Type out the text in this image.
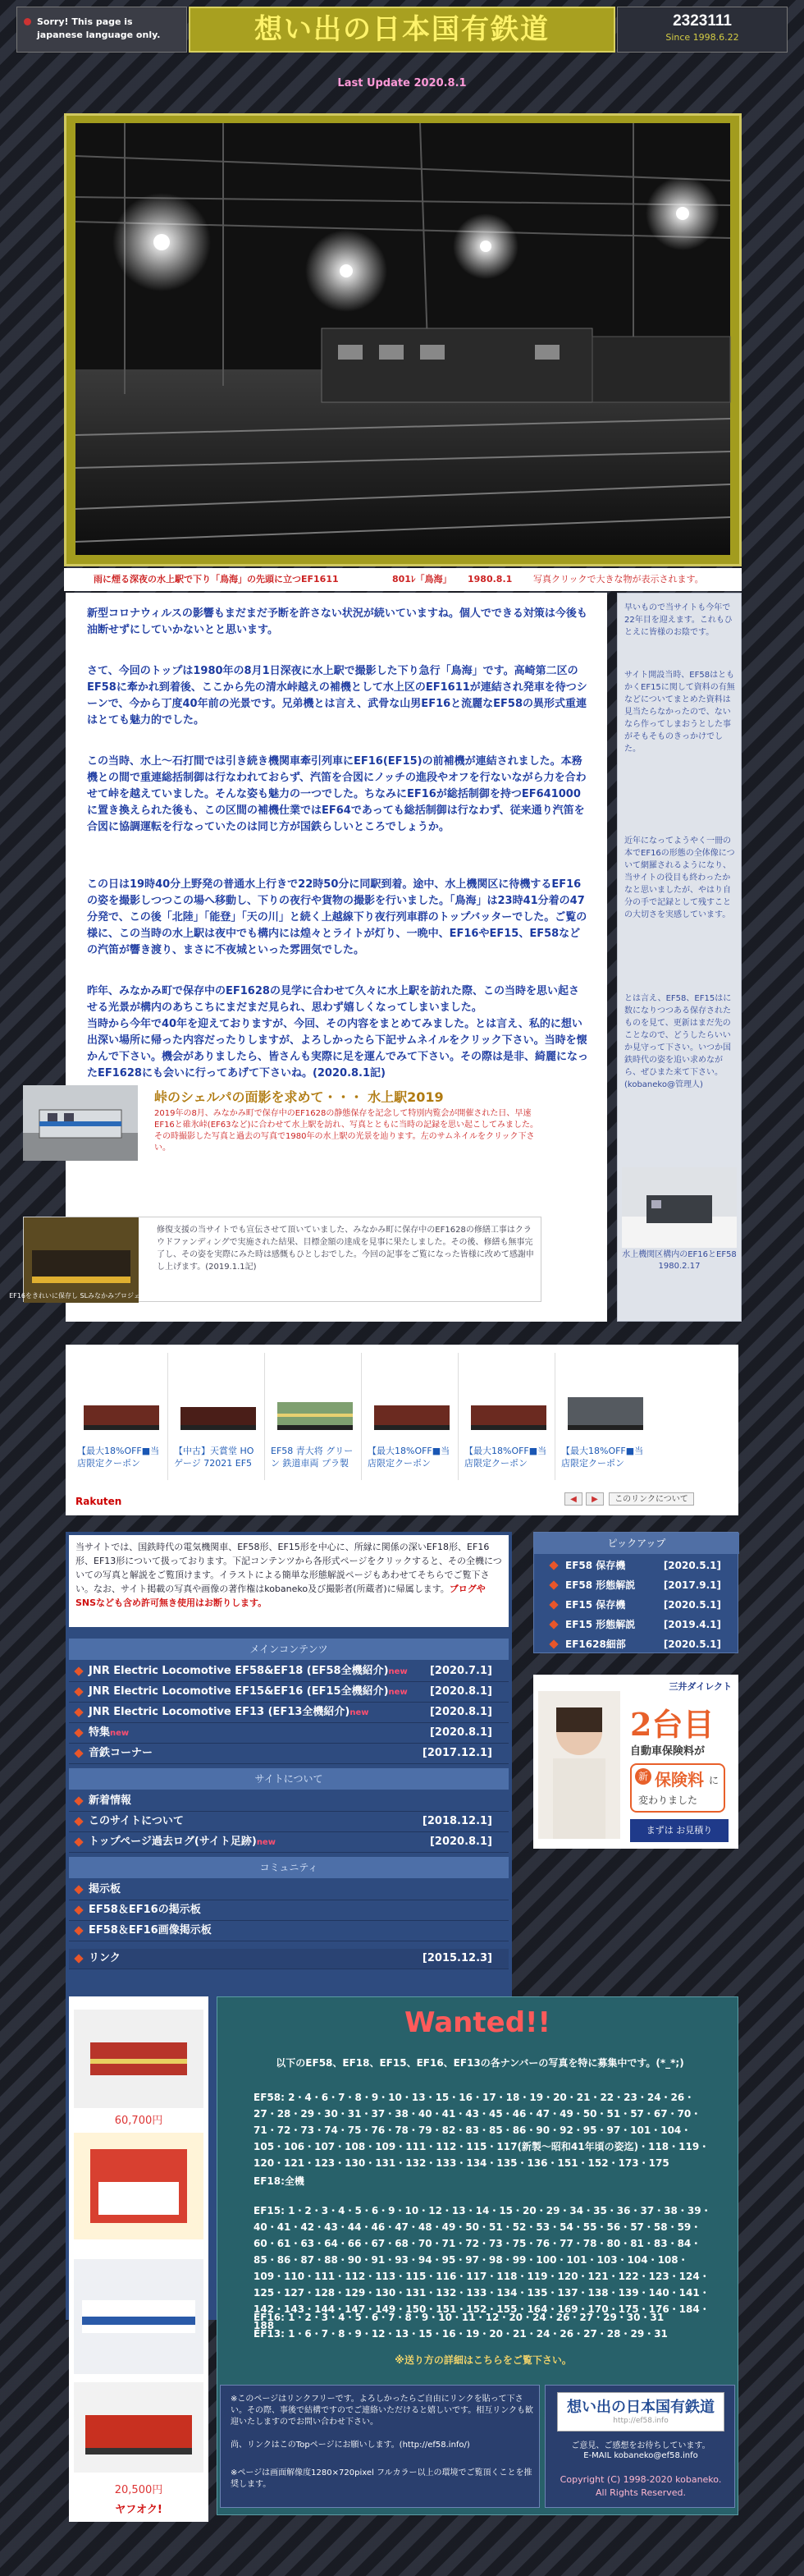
Sorry! This page is japanese language only.	想い出の日本国有鉄道	2323111
Since 1998.6.22
Last Update 2020.8.1
雨に煙る深夜の水上駅で下り「鳥海」の先頭に立つEF1611	801ﾚ「鳥海」 1980.8.1 写真クリックで大きな物が表示されます。

新型コロナウィルスの影響もまだまだ予断を許さない状況が続いていますね。個人でできる対策は今後も油断せずにしていかないとと思います。

さて、今回のトップは1980年の8月1日深夜に水上駅で撮影した下り急行「鳥海」です。高崎第二区のEF58に牽かれ到着後、ここから先の清水峠越えの補機として水上区のEF1611が連結され発車を待つシーンで、今から丁度40年前の光景です。兄弟機とは言え、武骨な山男EF16と流麗なEF58の異形式重連はとても魅力的でした。

この当時、水上～石打間では引き続き機関車牽引列車にEF16(EF15)の前補機が連結されました。本務機との間で重連総括制御は行なわれておらず、汽笛を合図にノッチの進段やオフを行ないながら力を合わせて峠を越えていました。そんな姿も魅力の一つでした。ちなみにEF16が総括制御を持つEF641000に置き換えられた後も、この区間の補機仕業ではEF64であっても総括制御は行なわず、従来通り汽笛を合図に協調運転を行なっていたのは同じ方が国鉄らしいところでしょうか。

この日は19時40分上野発の普通水上行きで22時50分に同駅到着。途中、水上機関区に待機するEF16の姿を撮影しつつこの場へ移動し、下りの夜行や貨物の撮影を行いました。「鳥海」は23時41分着の47分発で、この後「北陸」「能登」「天の川」と続く上越線下り夜行列車群のトップバッターでした。ご覧の様に、この当時の水上駅は夜中でも構内には煌々とライトが灯り、一晩中、EF16やEF15、EF58などの汽笛が響き渡り、まさに不夜城といった雰囲気でした。

昨年、みなかみ町で保存中のEF1628の見学に合わせて久々に水上駅を訪れた際、この当時を思い起させる光景が構内のあちこちにまだまだ見られ、思わず嬉しくなってしまいました。

当時から今年で40年を迎えておりますが、今回、その内容をまとめてみました。とは言え、私的に想い出深い場所に帰った内容だったりしますが、よろしかったら下記サムネイルをクリック下さい。当時を懐かんで下さい。機会がありましたら、皆さんも実際に足を運んでみて下さい。その際は是非、綺麗になったEF1628にも会いに行ってあげて下さいね。(2020.8.1記)

峠のシェルパの面影を求めて・・・ 水上駅2019
2019年の8月、みなかみ町で保存中のEF1628の静態保存を記念して特別内覧会が開催された日、早速EF16と碓氷峠(EF63など)に合わせて水上駅を訪れ、写真とともに当時の記録を思い起こしてみました。その時撮影した写真と過去の写真で1980年の水上駅の光景を辿ります。左のサムネイルをクリック下さい。
EF16をきれいに保存し SLみなかみプロジェクト
修復支援の当サイトでも宣伝させて頂いていました、みなかみ町に保存中のEF1628の修繕工事はクラウドファンディングで実施された結果、目標金額の達成を見事に果たしました。その後、修繕も無事完了し、その姿を実際にみた時は感慨もひとしおでした。今回の記事をご覧になった皆様に改めて感謝申し上げます。(2019.1.1記)
早いもので当サイトも今年で22年目を迎えます。これもひとえに皆様のお陰です。
サイト開設当時、EF58はともかくEF15に関して資料の有無などについてまとめた資料は見当たらなかったので、ないなら作ってしまおうとした事がそもそものきっかけでした。
近年になってようやく一冊の本でEF16の形態の全体像について網羅されるようになり、当サイトの役目も終わったかなと思いましたが、やはり自分の手で記録として残すことの大切さを実感しています。
とは言え、EF58、EF15はに数になりつつある保存されたものを見て、更新はまだ先のことなので、どうしたらいいか見守って下さい。いつか国鉄時代の姿を追い求めながら、ぜひまた来て下さい。(kobaneko@管理人)
水上機関区構内のEF16とEF58
1980.2.17
【最大18%OFF■当店限定クーポン
【中古】天賞堂 HOゲージ 72021 EF5
EF58 青大将 グリーン 鉄道車両 プラ製
【最大18%OFF■当店限定クーポン
【最大18%OFF■当店限定クーポン
【最大18%OFF■当店限定クーポン
Rakuten	◀	▶	このリンクについて
メインコンテンツ
JNR Electric Locomotive EF58&EF18 (EF58全機紹介)new [2020.7.1]
JNR Electric Locomotive EF15&EF16 (EF15全機紹介)new [2020.8.1]
JNR Electric Locomotive EF13 (EF13全機紹介)new	[2020.8.1]
特集new	[2020.8.1]
音鉄コーナー	[2017.12.1]
サイトについて
新着情報
このサイトについて	[2018.12.1]
トップページ過去ログ(サイト足跡)new	[2020.8.1]
コミュニティ
掲示板
EF58＆EF16の掲示板
EF58＆EF16画像掲示板
リンク	[2015.12.3]
当サイトでは、国鉄時代の電気機関車、EF58形、EF15形を中心に、所縁に関係の深いEF18形、EF16形、EF13形について扱っております。下記コンテンツから各形式ページをクリックすると、その全機についての写真と解説をご覧頂けます。イラストによる簡単な形態解説ページもあわせてそちらでご覧下さい。なお、サイト掲載の写真や画像の著作権はkobaneko及び撮影者(所蔵者)に帰属します。ブログやSNSなども含め許可無き使用はお断りします。
ピックアップ
EF58 保存機	[2020.5.1]
EF58 形態解説	[2017.9.1]
EF15 保存機	[2020.5.1]
EF15 形態解説	[2019.4.1]
EF1628細部	[2020.5.1]
三井ダイレクト
2台目
自動車保険料が
新 保険料 に
変わりました
まずは お見積り
60,700円
20,500円
ヤフオク!
以下のEF58、EF18、EF15、EF16、EF13の各ナンバーの写真を特に募集中です。(*_*;)
EF58: 2・4・6・7・8・9・10・13・15・16・17・18・19・20・21・22・23・24・26・27・28・29・30・31・37・38・40・41・43・45・46・47・49・50・51・57・67・70・71・72・73・74・75・76・78・79・82・83・85・86・90・92・95・97・101・104・105・106・107・108・109・111・112・115・117(新製〜昭和41年頃の姿迄)・118・119・120・121・123・130・131・132・133・134・135・136・151・152・173・175
EF18:全機
EF15: 1・2・3・4・5・6・9・10・12・13・14・15・20・29・34・35・36・37・38・39・40・41・42・43・44・46・47・48・49・50・51・52・53・54・55・56・57・58・59・60・61・63・64・66・67・68・70・71・72・73・75・76・77・78・80・81・83・84・85・86・87・88・90・91・93・94・95・97・98・99・100・101・103・104・108・109・110・111・112・113・115・116・117・118・119・120・121・122・123・124・125・127・128・129・130・131・132・133・134・135・137・138・139・140・141・142・143・144・147・149・150・151・152・155・164・169・170・175・176・184・188
EF16: 1・2・3・4・5・6・7・8・9・10・11・12・20・24・26・27・29・30・31
EF13: 1・6・7・8・9・12・13・15・16・19・20・21・24・26・27・28・29・31
※送り方の詳細はこちらをご覧下さい。
Wanted!!
※このページはリンクフリーです。よろしかったらご自由にリンクを貼って下さい。その際、事後で結構ですのでご連絡いただけると嬉しいです。相互リンクも歓迎いたしますのでお問い合わせ下さい。
尚、リンクはこのTopページにお願いします。(http://ef58.info/)
※ページは画面解像度1280×720pixel フルカラー以上の環境でご覧頂くことを推奨します。
想い出の日本国有鉄道
http://ef58.info
ご意見、ご感想をお待ちしています。
E-MAIL kobaneko@ef58.info
Copyright (C) 1998-2020 kobaneko.
All Rights Reserved.
